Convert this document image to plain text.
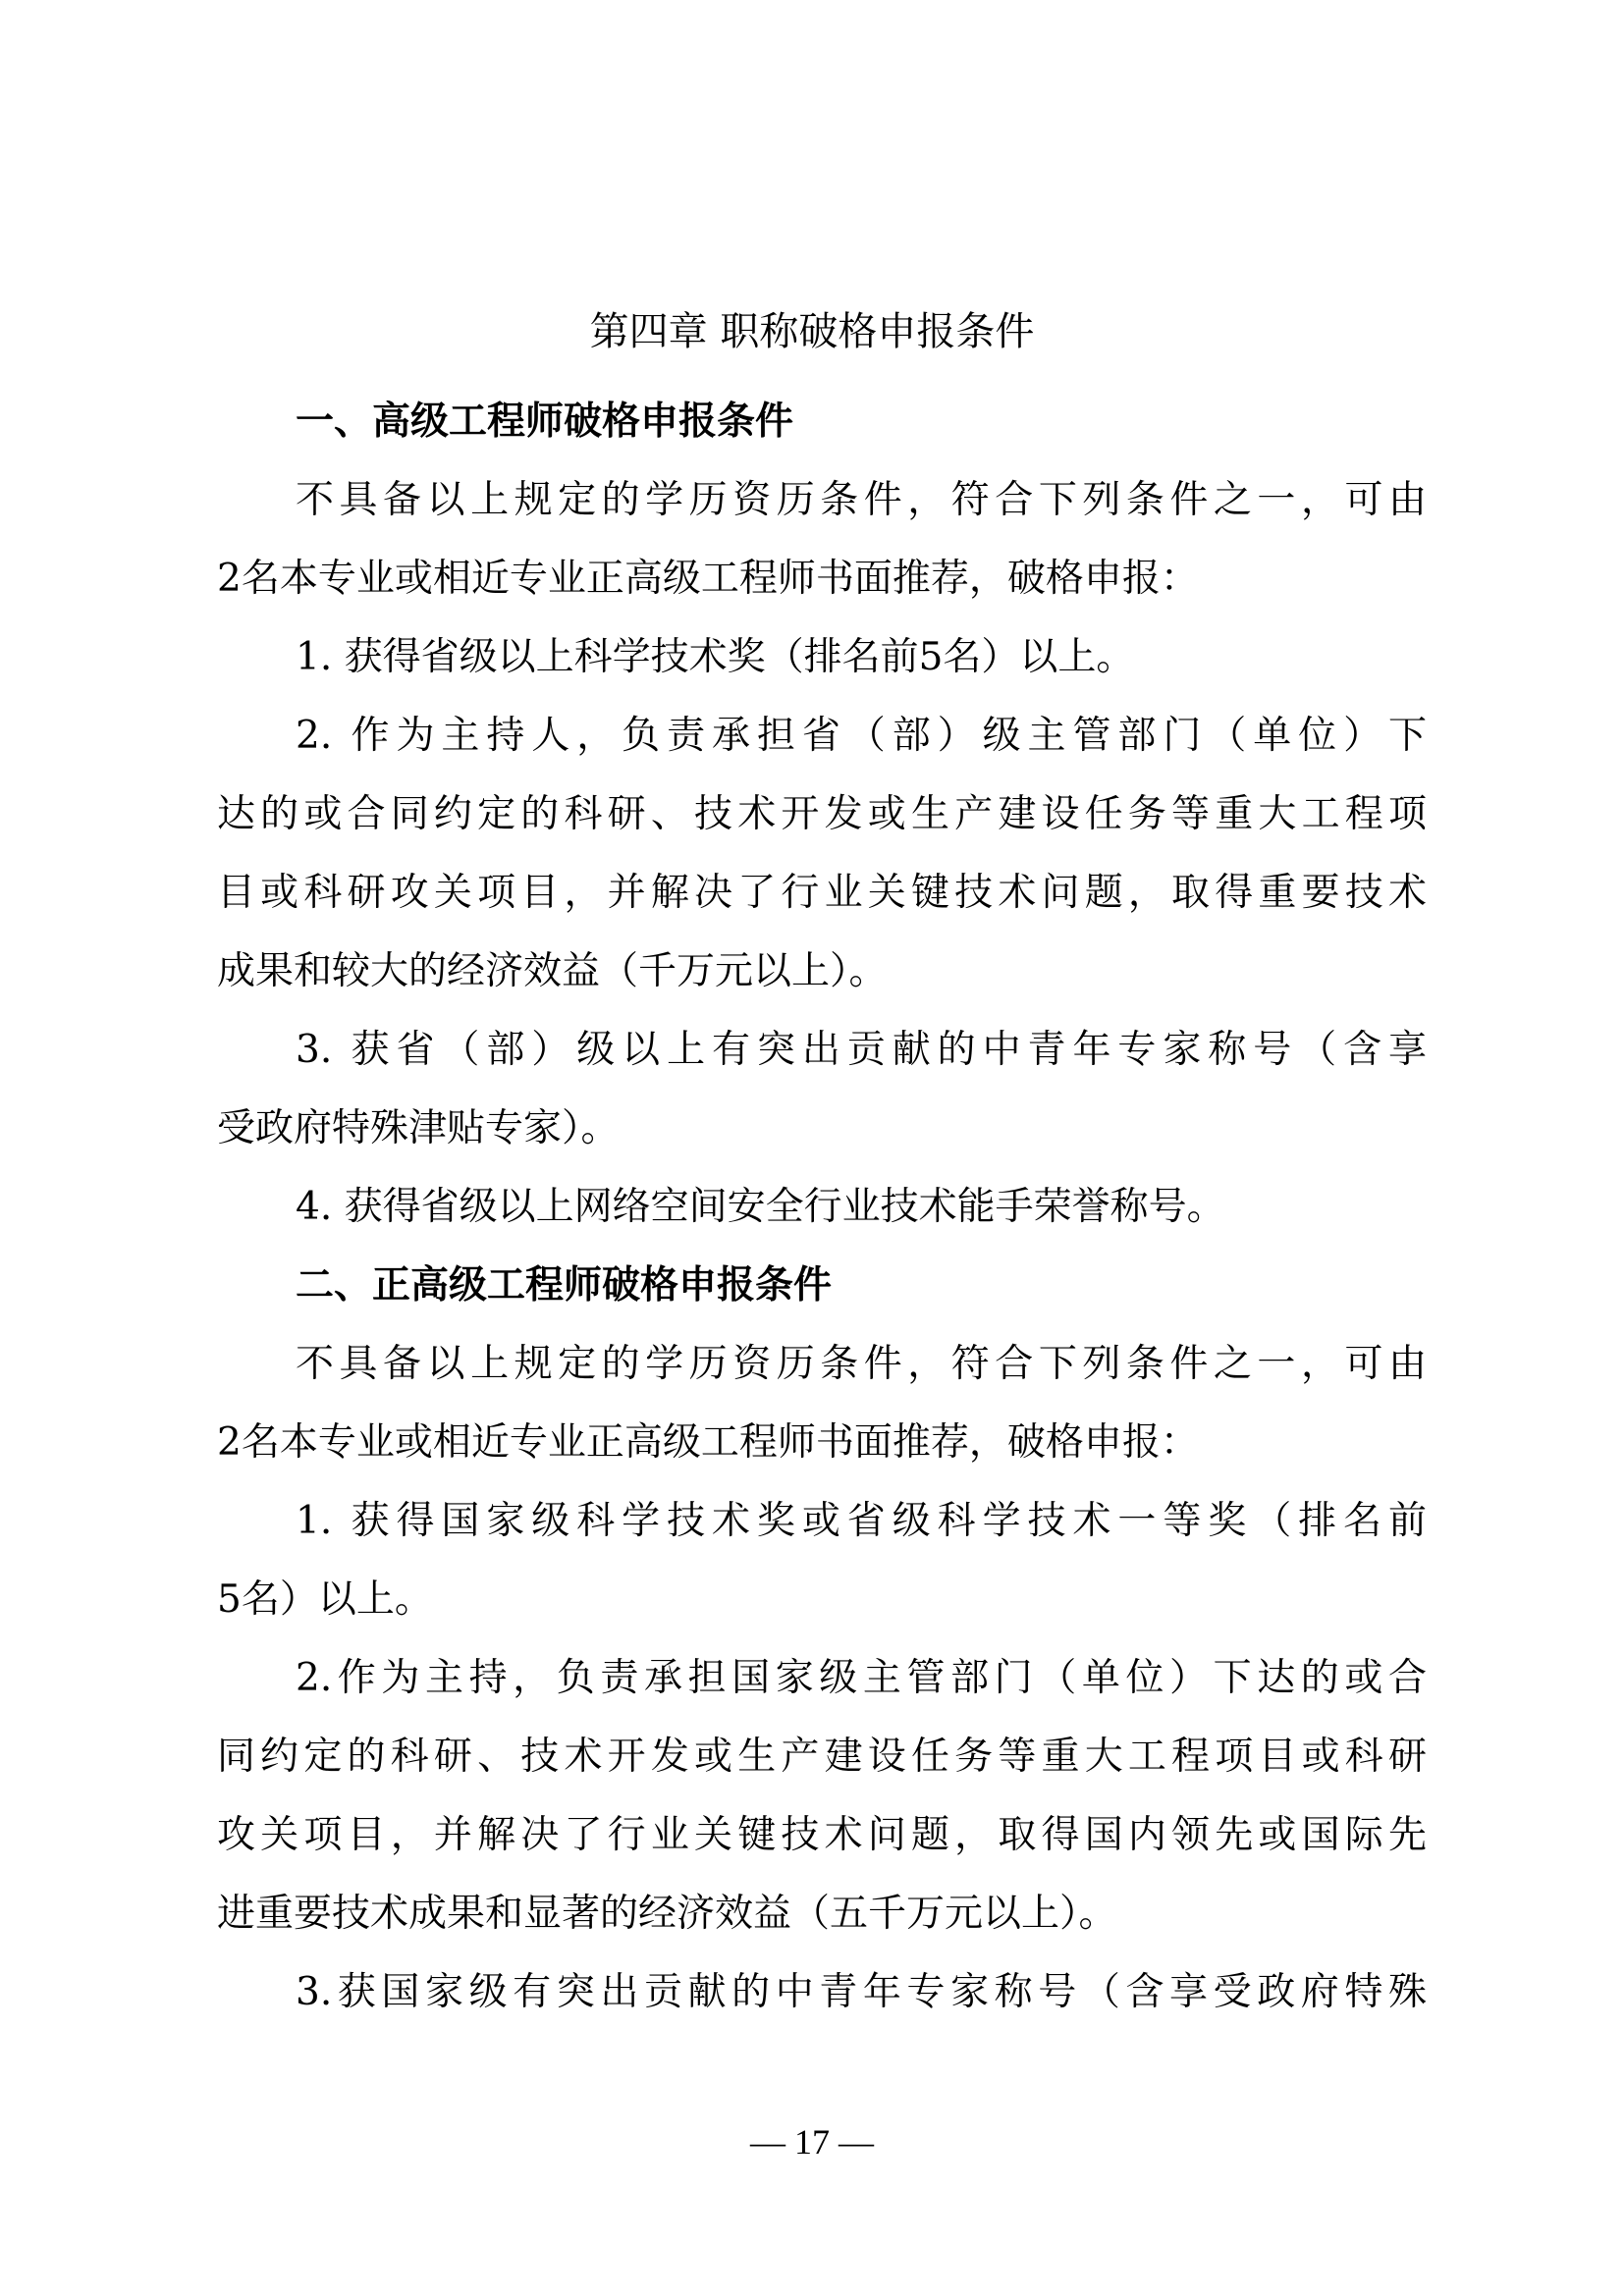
第四章 职称破格申报条件
一、高级工程师破格申报条件
不具备以上规定的学历资历条件，符合下列条件之一，可由
2名本专业或相近专业正高级工程师书面推荐，破格申报：
1. 获得省级以上科学技术奖（排名前5名）以上。
2. 作为主持人，负责承担省（部）级主管部门（单位）下
达的或合同约定的科研、技术开发或生产建设任务等重大工程项
目或科研攻关项目，并解决了行业关键技术问题，取得重要技术
成果和较大的经济效益（千万元以上）。
3. 获省（部）级以上有突出贡献的中青年专家称号（含享
受政府特殊津贴专家）。
4. 获得省级以上网络空间安全行业技术能手荣誉称号。
二、正高级工程师破格申报条件
不具备以上规定的学历资历条件，符合下列条件之一，可由
2名本专业或相近专业正高级工程师书面推荐，破格申报：
1. 获得国家级科学技术奖或省级科学技术一等奖（排名前
5名）以上。
2.作为主持，负责承担国家级主管部门（单位）下达的或合
同约定的科研、技术开发或生产建设任务等重大工程项目或科研
攻关项目，并解决了行业关键技术问题，取得国内领先或国际先
进重要技术成果和显著的经济效益（五千万元以上）。
3.获国家级有突出贡献的中青年专家称号（含享受政府特殊
— 17 —
